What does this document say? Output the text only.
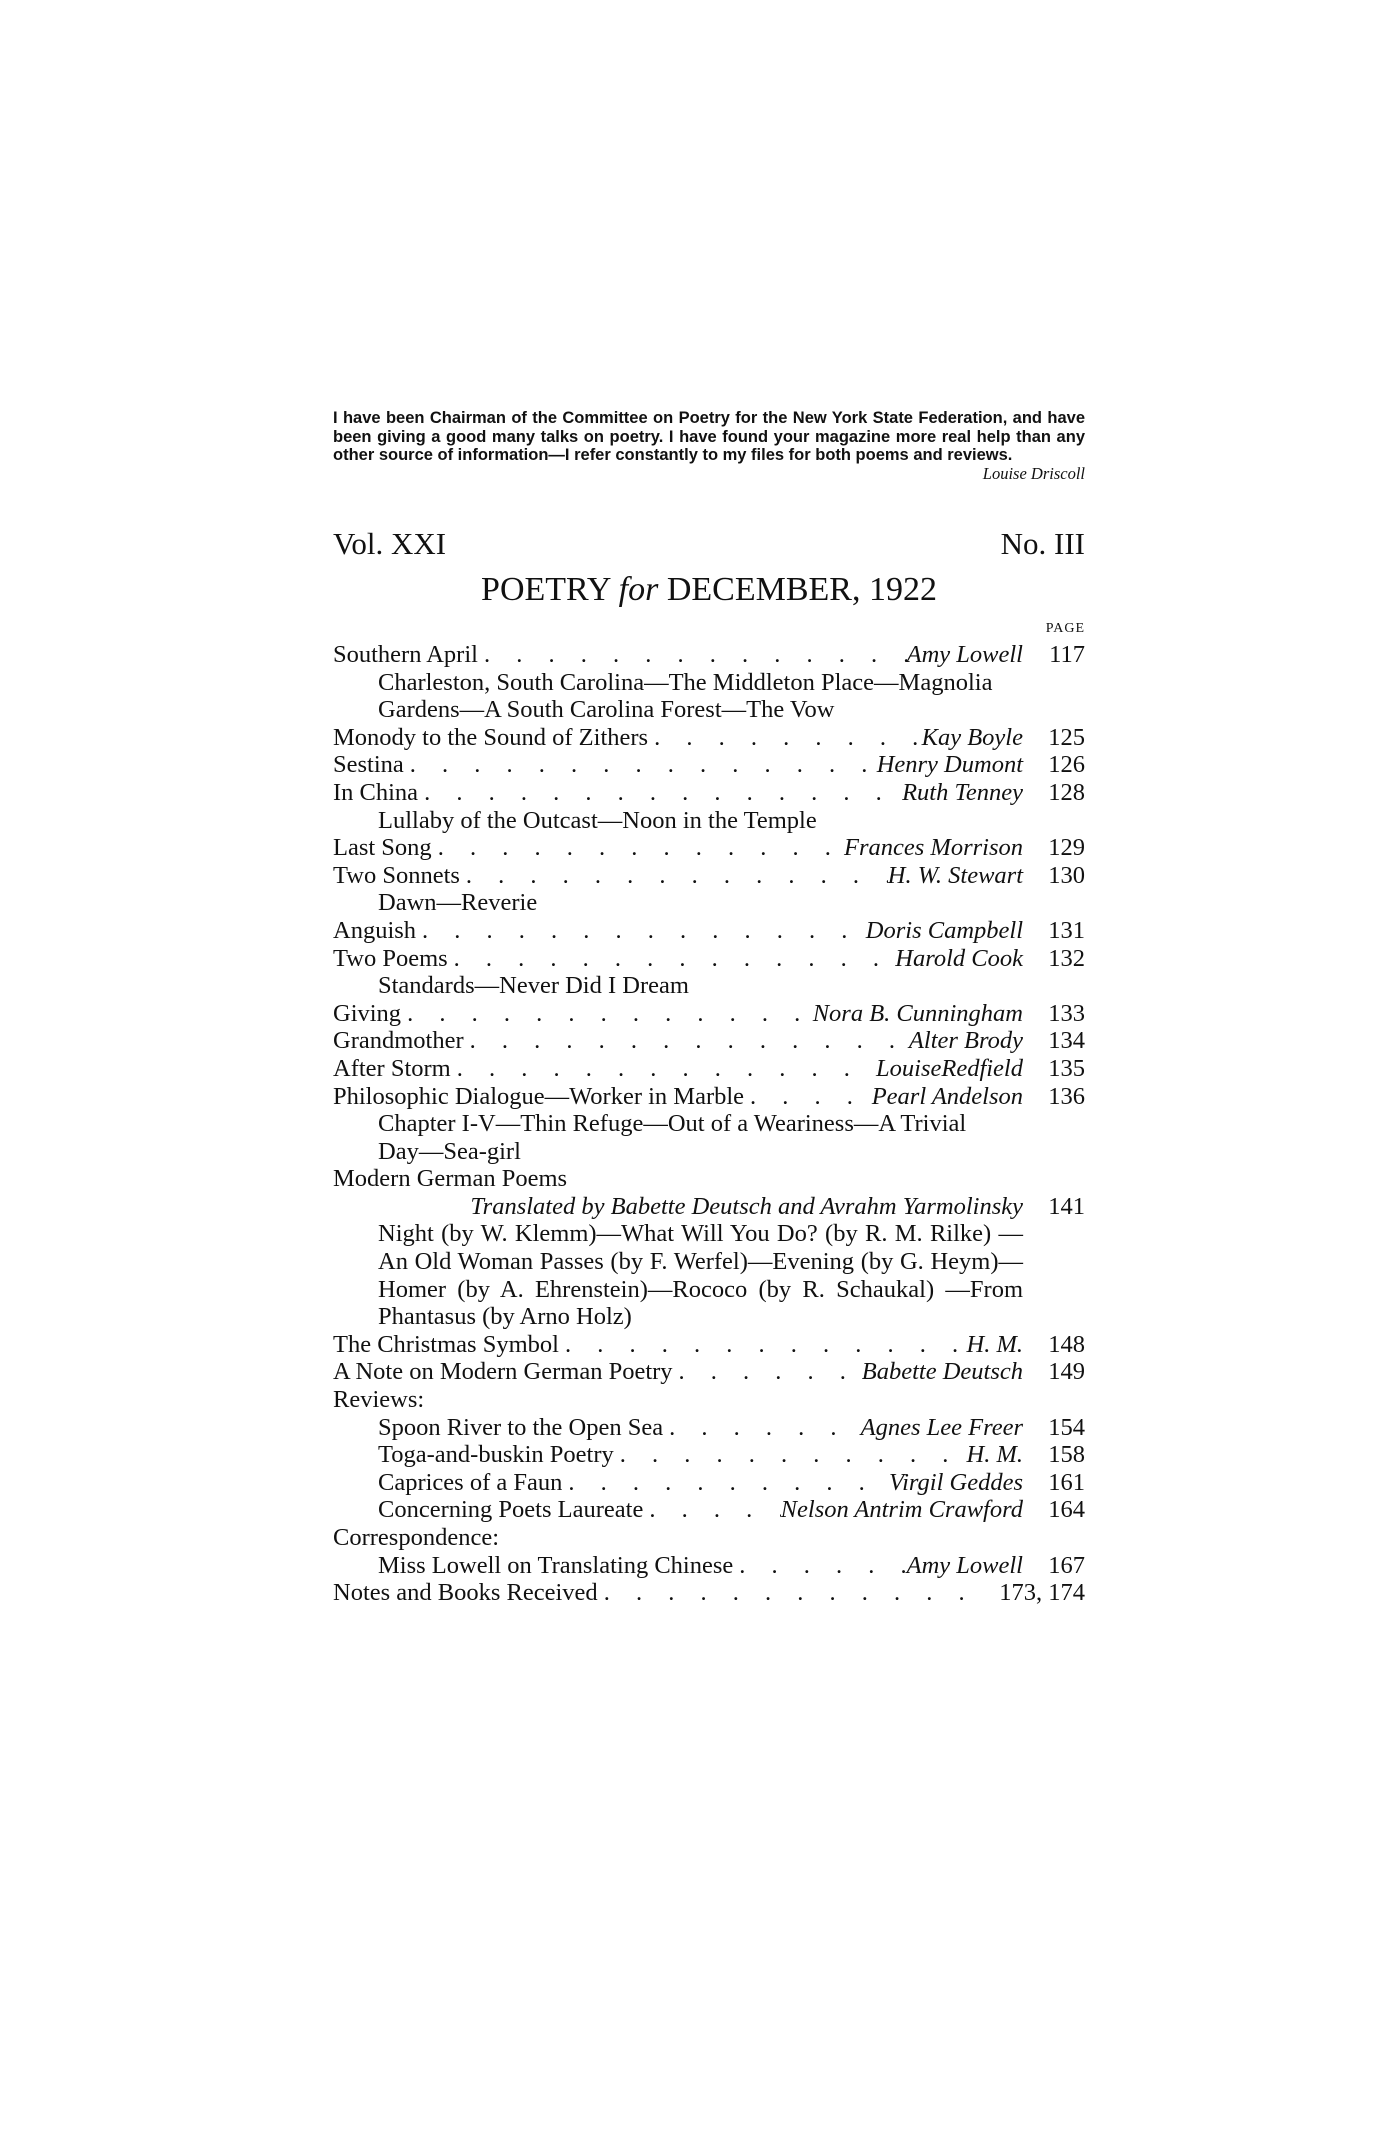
I have been Chairman of the Committee on Poetry for the New York State Federation, and have been giving a good many talks on poetry. I have found your magazine more real help than any other source of information—I refer constantly to my files for both poems and reviews.
Louise Driscoll
Vol. XXI	No. III
POETRY for DECEMBER, 1922
PAGE
Southern April . . .	Amy Lowell	117
Charleston, South Carolina—The Middleton Place—Magnolia
Gardens—A South Carolina Forest—The Vow
Monody to the Sound of Zithers . . .	Kay Boyle	125
Sestina . . .	Henry Dumont	126
In China . . .	Ruth Tenney	128
Lullaby of the Outcast—Noon in the Temple
Last Song . . .	Frances Morrison	129
Two Sonnets . . .	H. W. Stewart	130
Dawn—Reverie
Anguish . . .	Doris Campbell	131
Two Poems . . .	Harold Cook	132
Standards—Never Did I Dream
Giving . . .	Nora B. Cunningham	133
Grandmother . . .	Alter Brody	134
After Storm . . .	LouiseRedfield	135
Philosophic Dialogue—Worker in Marble . . .	Pearl Andelson	136
Chapter I-V—Thin Refuge—Out of a Weariness—A Trivial
Day—Sea-girl
Modern German Poems
Translated by Babette Deutsch and Avrahm Yarmolinsky	141
Night (by W. Klemm)—What Will You Do? (by R. M. Rilke) —An Old Woman Passes (by F. Werfel)—Evening (by G. Heym)—Homer (by A. Ehrenstein)—Rococo (by R. Schaukal) —From Phantasus (by Arno Holz)
The Christmas Symbol . . .	H. M.	148
A Note on Modern German Poetry . . .	Babette Deutsch	149
Reviews:
Spoon River to the Open Sea . . .	Agnes Lee Freer	154
Toga-and-buskin Poetry . . .	H. M.	158
Caprices of a Faun . . .	Virgil Geddes	161
Concerning Poets Laureate . . .	Nelson Antrim Crawford	164
Correspondence:
Miss Lowell on Translating Chinese . . .	Amy Lowell	167
Notes and Books Received . . .	173, 174
